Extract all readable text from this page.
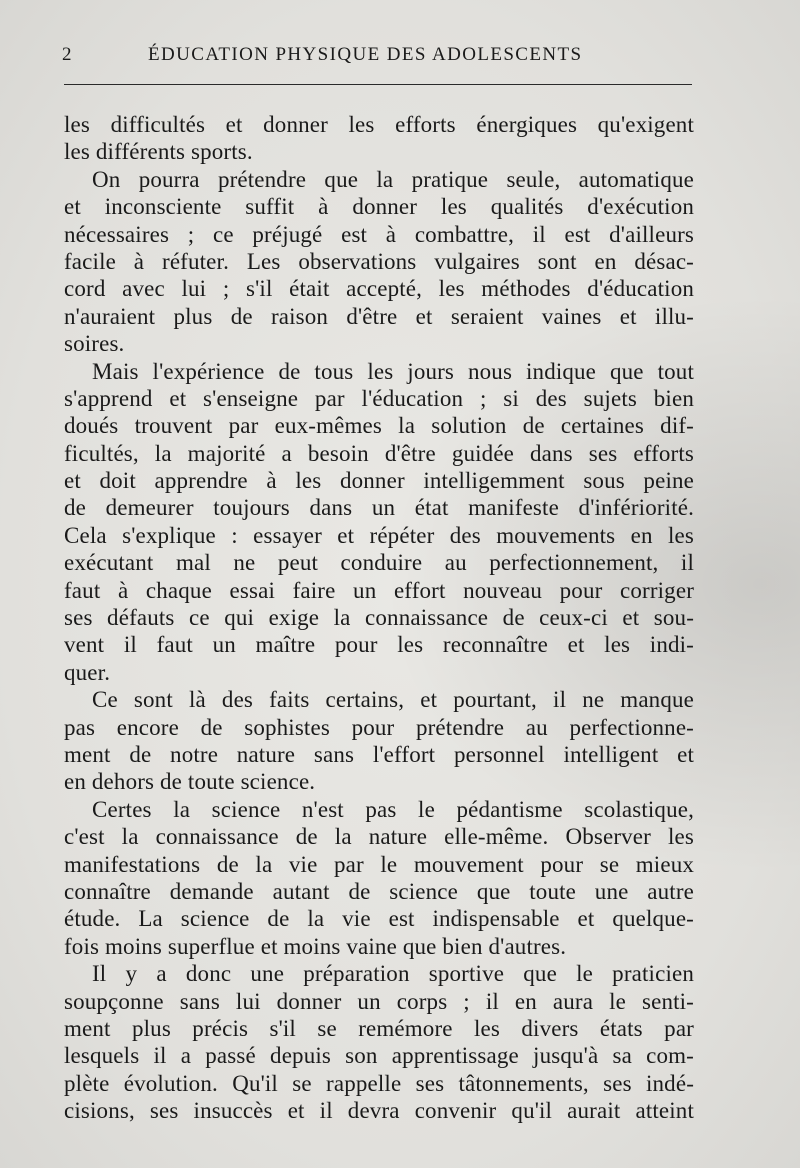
2	ÉDUCATION PHYSIQUE DES ADOLESCENTS
les difficultés et donner les efforts énergiques qu'exigent
les différents sports.
On pourra prétendre que la pratique seule, automatique
et inconsciente suffit à donner les qualités d'exécution
nécessaires ; ce préjugé est à combattre, il est d'ailleurs
facile à réfuter. Les observations vulgaires sont en désac-
cord avec lui ; s'il était accepté, les méthodes d'éducation
n'auraient plus de raison d'être et seraient vaines et illu-
soires.
Mais l'expérience de tous les jours nous indique que tout
s'apprend et s'enseigne par l'éducation ; si des sujets bien
doués trouvent par eux-mêmes la solution de certaines dif-
ficultés, la majorité a besoin d'être guidée dans ses efforts
et doit apprendre à les donner intelligemment sous peine
de demeurer toujours dans un état manifeste d'infériorité.
Cela s'explique : essayer et répéter des mouvements en les
exécutant mal ne peut conduire au perfectionnement, il
faut à chaque essai faire un effort nouveau pour corriger
ses défauts ce qui exige la connaissance de ceux-ci et sou-
vent il faut un maître pour les reconnaître et les indi-
quer.
Ce sont là des faits certains, et pourtant, il ne manque
pas encore de sophistes pour prétendre au perfectionne-
ment de notre nature sans l'effort personnel intelligent et
en dehors de toute science.
Certes la science n'est pas le pédantisme scolastique,
c'est la connaissance de la nature elle-même. Observer les
manifestations de la vie par le mouvement pour se mieux
connaître demande autant de science que toute une autre
étude. La science de la vie est indispensable et quelque-
fois moins superflue et moins vaine que bien d'autres.
Il y a donc une préparation sportive que le praticien
soupçonne sans lui donner un corps ; il en aura le senti-
ment plus précis s'il se remémore les divers états par
lesquels il a passé depuis son apprentissage jusqu'à sa com-
plète évolution. Qu'il se rappelle ses tâtonnements, ses indé-
cisions, ses insuccès et il devra convenir qu'il aurait atteint
